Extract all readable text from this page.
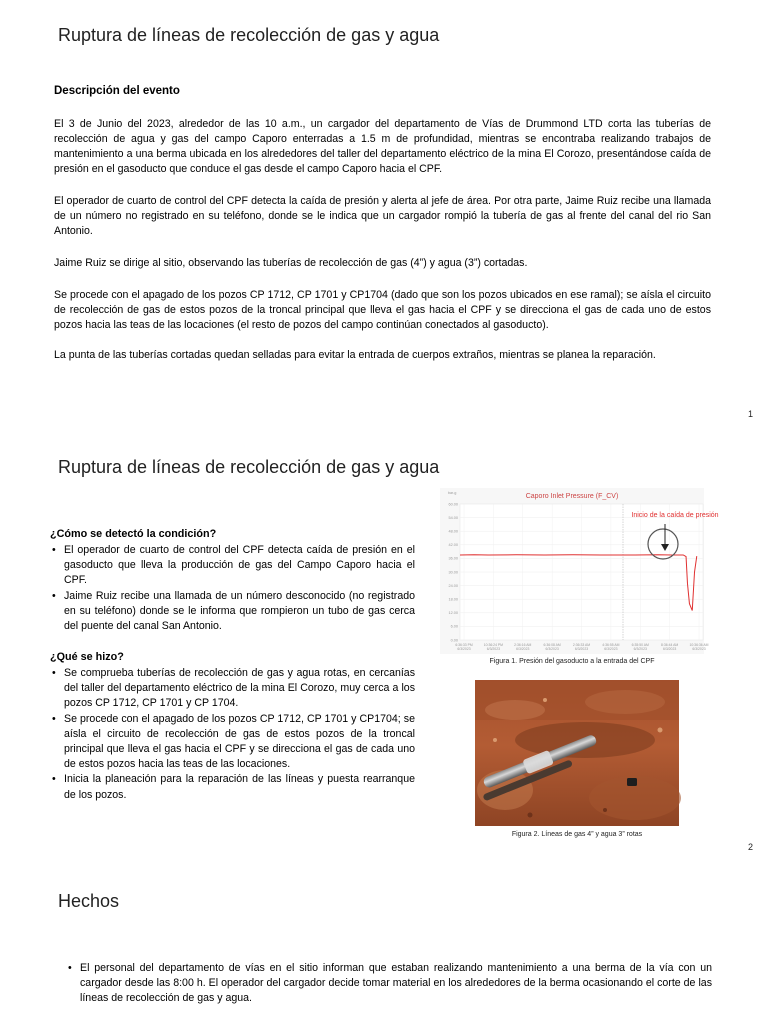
Ruptura de líneas de recolección de gas y agua
Descripción del evento

El 3 de Junio del 2023, alrededor de las 10 a.m., un cargador del departamento de Vías de Drummond LTD corta las tuberías de recolección de agua y gas del campo Caporo enterradas a 1.5 m de profundidad, mientras se encontraba realizando trabajos de mantenimiento a una berma ubicada en los alrededores del taller del departamento eléctrico de la mina El Corozo, presentándose caída de presión en el gasoducto que conduce el gas desde el campo Caporo hacia el CPF.

El operador de cuarto de control del CPF detecta la caída de presión y alerta al jefe de área. Por otra parte, Jaime Ruiz recibe una llamada de un número no registrado en su teléfono, donde se le indica que un cargador rompió la tubería de gas al frente del canal del rio San Antonio.

Jaime Ruiz se dirige al sitio, observando las tuberías de recolección de gas (4”) y agua (3”) cortadas.

Se procede con el apagado de los pozos CP 1712, CP 1701 y CP1704 (dado que son los pozos ubicados en ese ramal); se aísla el circuito de recolección de gas de estos pozos de la troncal principal que lleva el gas hacia el CPF y se direcciona el gas de cada uno de estos pozos hacia las teas de las locaciones (el resto de pozos del campo continúan conectados al gasoducto).

La punta de las tuberías cortadas quedan selladas para evitar la entrada de cuerpos extraños, mientras se planea la reparación.

1
Ruptura de líneas de recolección de gas y agua
¿Cómo se detectó la condición?
• El operador de cuarto de control del CPF detecta caída de presión en el gasoducto que lleva la producción de gas del Campo Caporo hacia el CPF.
• Jaime Ruiz recibe una llamada de un número desconocido (no registrado en su teléfono) donde se le informa que rompieron un tubo de gas cerca del puente del canal San Antonio.
¿Qué se hizo?
• Se comprueba tuberías de recolección de gas y agua rotas, en cercanías del taller del departamento eléctrico de la mina El Corozo, muy cerca a los pozos CP 1712, CP 1701 y CP 1704.
• Se procede con el apagado de los pozos CP 1712, CP 1701 y CP1704; se aísla el circuito de recolección de gas de estos pozos de la troncal principal que lleva el gas hacia el CPF y se direcciona el gas de cada uno de estos pozos hacia las teas de las locaciones.
• Inicia la planeación para la reparación de las líneas y puesta rearranque de los pozos.
bar-g	Caporo Inlet Pressure (F_CV)
0.00
6.00
12.00
18.00
24.00
30.00
36.00
42.00
48.00
54.00
60.00
6:36:33 PM 6/3/2023
10:36:24 PM 6/3/2023
2:36:16 AM 6/3/2023
6:36:08 AM 6/3/2023
2:36:33 AM 6/3/2023
4:36:55 AM 6/3/2023
6:35:50 AM 6/3/2023
8:36:44 AM 6/3/2023
10:36:36 AM 6/3/2023
Inicio de la caída de presión
Figura 1. Presión del gasoducto a la entrada del CPF
Figura 2. Líneas de gas 4” y agua 3” rotas
2
Hechos
• El personal del departamento de vías en el sitio informan que estaban realizando mantenimiento a una berma de la vía con un cargador desde las 8:00 h. El operador del cargador decide tomar material en los alrededores de la berma ocasionando el corte de las líneas de recolección de gas y agua.
